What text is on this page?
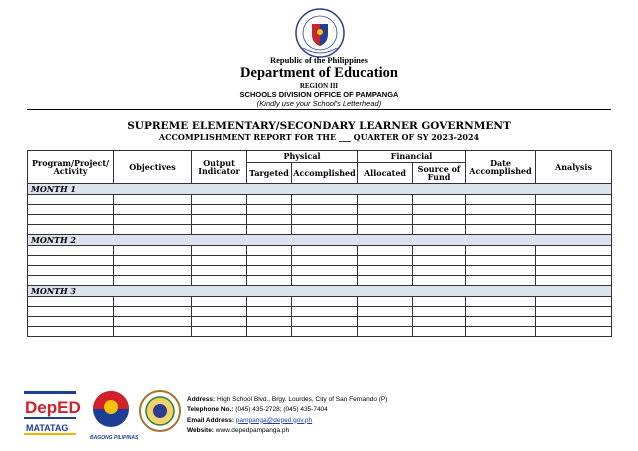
Republic of the Philippines
Department of Education
REGION III
SCHOOLS DIVISION OFFICE OF PAMPANGA
(Kindly use your School's Letterhead)
SUPREME ELEMENTARY/SECONDARY LEARNER GOVERNMENT
ACCOMPLISHMENT REPORT FOR THE ___ QUARTER OF SY 2023-2024
Program/Project/ Activity	Objectives	Output Indicator	Physical		Financial		Date Accomplished	Analysis
			Targeted	Accomplished	Allocated	Source of Fund		
MONTH 1								

MONTH 2								

MONTH 3								

DepED
MATATAG
BAGONG PILIPINAS
Address: High School Blvd., Brgy. Lourdes, City of San Fernando (P)
Telephone No.: (045) 435-2728; (045) 435-7404
Email Address: pampanga@deped.gov.ph
Website: www.depedpampanga.ph
